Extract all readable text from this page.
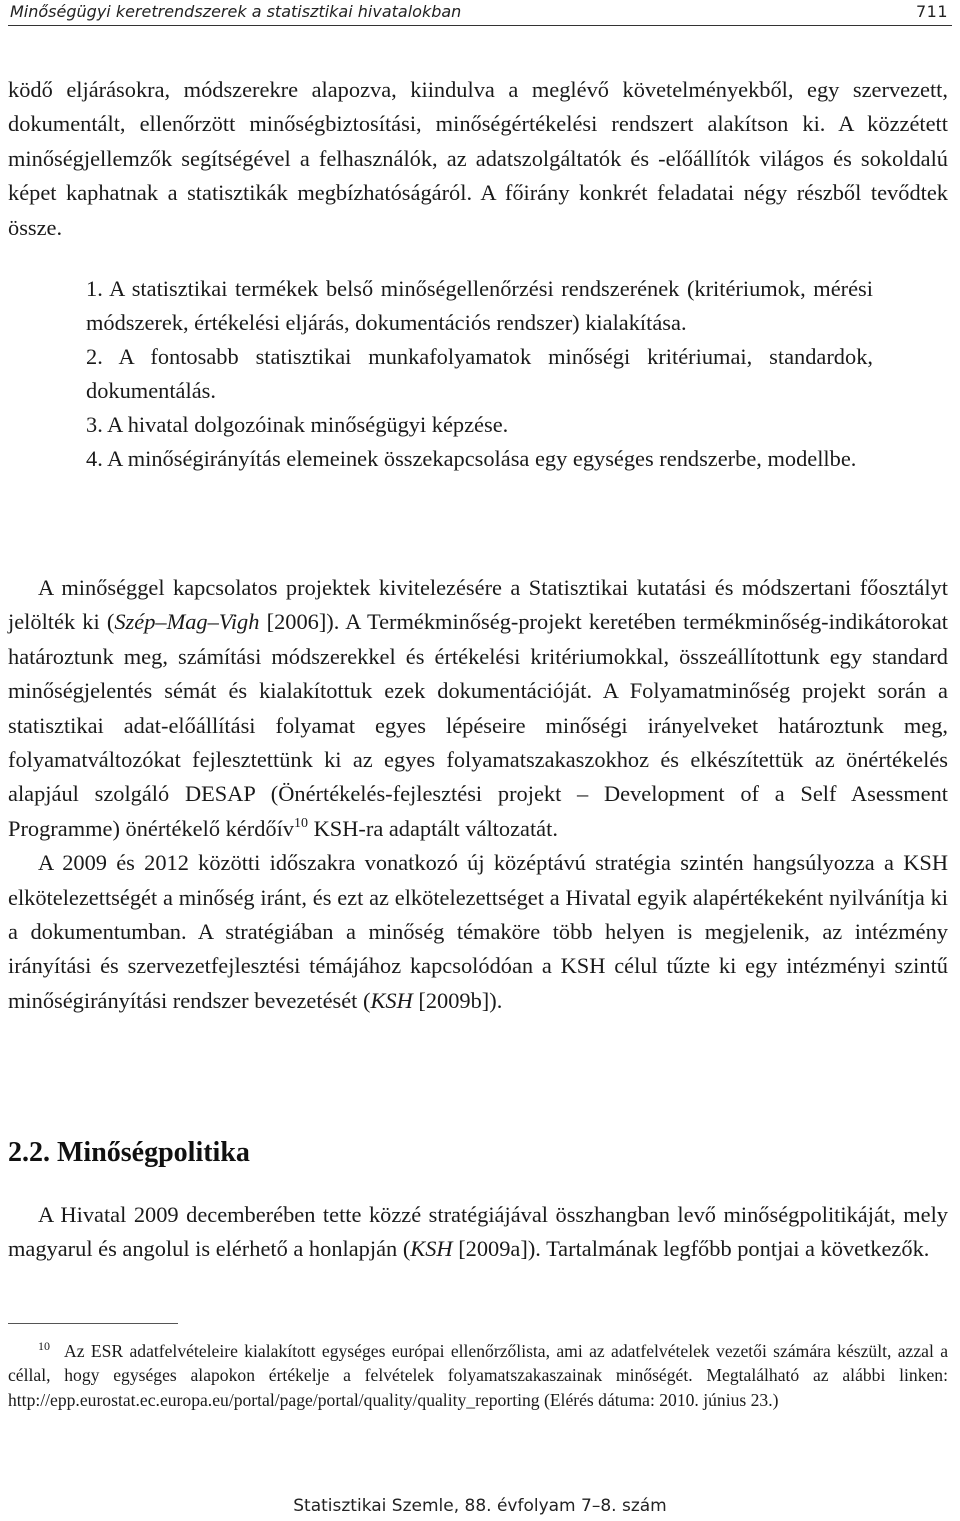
Minőségügyi keretrendszerek a statisztikai hivatalokban	711

ködő eljárásokra, módszerekre alapozva, kiindulva a meglévő követelményekből, egy szervezett, dokumentált, ellenőrzött minőségbiztosítási, minőségértékelési rendszert alakítson ki. A közzétett minőségjellemzők segítségével a felhasználók, az adatszolgáltatók és -előállítók világos és sokoldalú képet kaphatnak a statisztikák megbízhatóságáról. A főirány konkrét feladatai négy részből tevődtek össze.

1. A statisztikai termékek belső minőségellenőrzési rendszerének (kritériumok, mérési módszerek, értékelési eljárás, dokumentációs rendszer) kialakítása.

2. A fontosabb statisztikai munkafolyamatok minőségi kritériumai, standardok, dokumentálás.

3. A hivatal dolgozóinak minőségügyi képzése.

4. A minőségirányítás elemeinek összekapcsolása egy egységes rendszerbe, modellbe.

A minőséggel kapcsolatos projektek kivitelezésére a Statisztikai kutatási és módszertani főosztályt jelölték ki (Szép–Mag–Vigh [2006]). A Termékminőség-projekt keretében termékminőség-indikátorokat határoztunk meg, számítási módszerekkel és értékelési kritériumokkal, összeállítottunk egy standard minőségjelentés sémát és kialakítottuk ezek dokumentációját. A Folyamatminőség projekt során a statisztikai adat-előállítási folyamat egyes lépéseire minőségi irányelveket határoztunk meg, folyamatváltozókat fejlesztettünk ki az egyes folyamatszakaszokhoz és elkészítettük az önértékelés alapjául szolgáló DESAP (Önértékelés-fejlesztési projekt – Development of a Self Asessment Programme) önértékelő kérdőív$^{10}$ KSH-ra adaptált változatát.

A 2009 és 2012 közötti időszakra vonatkozó új középtávú stratégia szintén hangsúlyozza a KSH elkötelezettségét a minőség iránt, és ezt az elkötelezettséget a Hivatal egyik alapértékeként nyilvánítja ki a dokumentumban. A stratégiában a minőség témaköre több helyen is megjelenik, az intézmény irányítási és szervezetfejlesztési témájához kapcsolódóan a KSH célul tűzte ki egy intézményi szintű minőségirányítási rendszer bevezetését (KSH [2009b]).

2.2. Minőségpolitika

A Hivatal 2009 decemberében tette közzé stratégiájával összhangban levő minőségpolitikáját, mely magyarul és angolul is elérhető a honlapján (KSH [2009a]). Tartalmának legfőbb pontjai a következők.

$^{10}$ Az ESR adatfelvételeire kialakított egységes európai ellenőrzőlista, ami az adatfelvételek vezetői számára készült, azzal a céllal, hogy egységes alapokon értékelje a felvételek folyamatszakaszainak minőségét. Megtalálható az alábbi linken: http://epp.eurostat.ec.europa.eu/portal/page/portal/quality/quality_reporting (Elérés dátuma: 2010. június 23.)

Statisztikai Szemle, 88. évfolyam 7–8. szám
